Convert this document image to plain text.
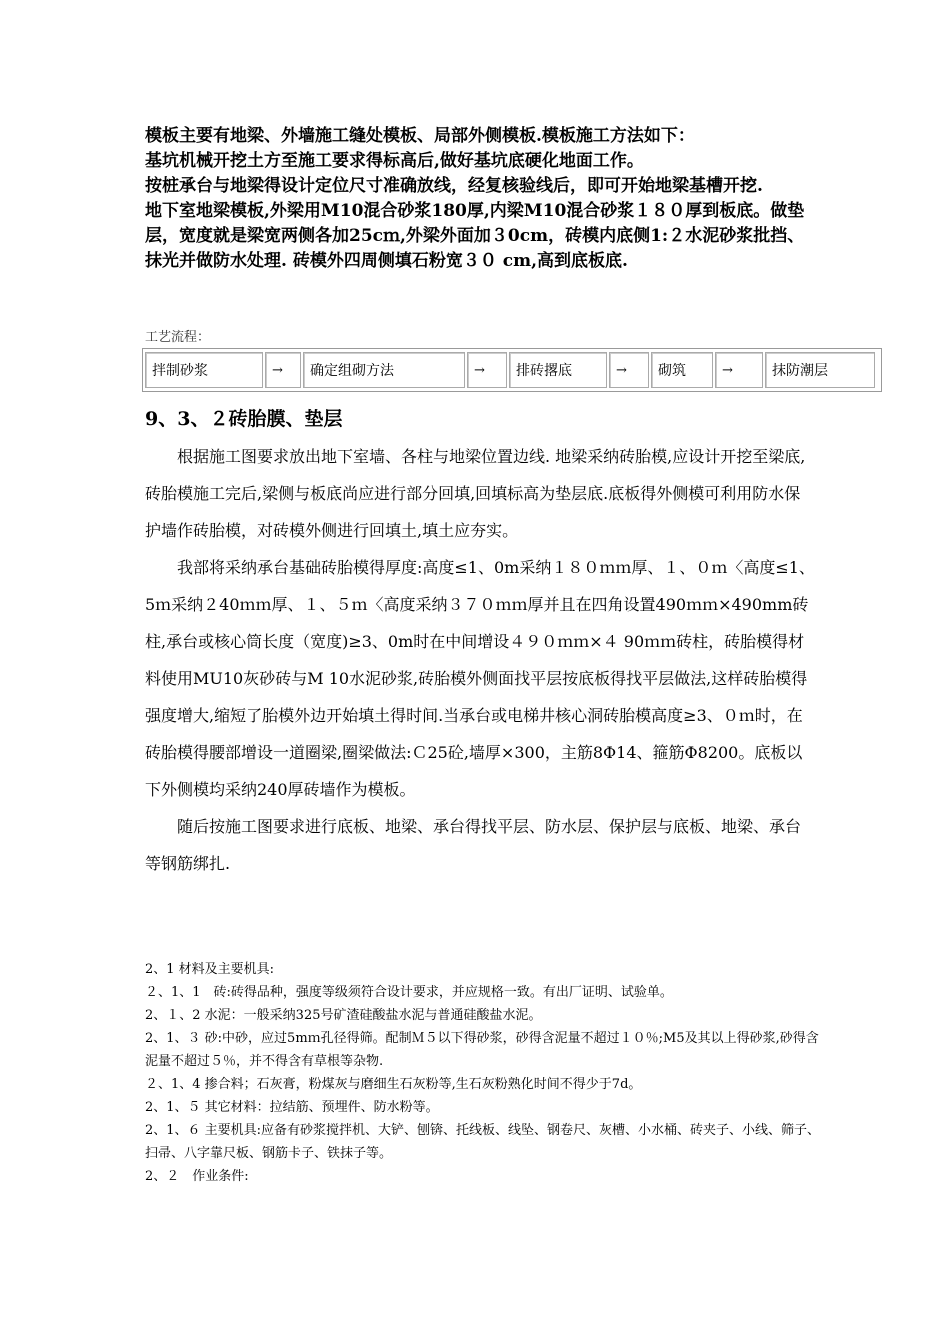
模板主要有地梁、外墙施工缝处模板、局部外侧模板.模板施工方法如下：

基坑机械开挖土方至施工要求得标高后,做好基坑底硬化地面工作。

按桩承台与地梁得设计定位尺寸准确放线，经复核验线后，即可开始地梁基槽开挖.

地下室地梁模板,外梁用M10混合砂浆180厚,内梁M10混合砂浆１８０厚到板底。做垫层，宽度就是梁宽两侧各加25cｍ,外梁外面加３0cm，砖模内底侧1:２水泥砂浆批挡、抹光并做防水处理. 砖模外四周侧填石粉宽３０ cm,高到底板底.

工艺流程：
拌制砂浆	→	确定组砌方法	→	排砖撂底	→	砌筑	→	抹防潮层
9、3、２砖胎膜、垫层

根据施工图要求放出地下室墙、各柱与地梁位置边线. 地梁采纳砖胎模,应设计开挖至梁底,砖胎模施工完后,梁侧与板底尚应进行部分回填,回填标高为垫层底.底板得外侧模可利用防水保护墙作砖胎模，对砖模外侧进行回填土,填土应夯实。

我部将采纳承台基础砖胎模得厚度:高度≤1、0m采纳１８０ｍｍ厚、１、０ｍ〈高度≤1、5ｍ采纳２40ｍｍ厚、１、５ｍ〈高度采纳３７０ｍｍ厚并且在四角设置490ｍｍ×490mm砖柱,承台或核心筒长度（宽度)≥3、0m时在中间增设４９０ｍｍ×４ 90ｍｍ砖柱，砖胎模得材料使用MU10灰砂砖与M 10水泥砂浆,砖胎模外侧面找平层按底板得找平层做法,这样砖胎模得强度增大,缩短了胎模外边开始填土得时间.当承台或电梯井核心洞砖胎模高度≥3、０ｍ时，在砖胎模得腰部增设一道圈梁,圈梁做法:Ｃ25砼,墙厚×300，主筋8Φ14、箍筋Φ8200。底板以下外侧模均采纳240厚砖墙作为模板。

随后按施工图要求进行底板、地梁、承台得找平层、防水层、保护层与底板、地梁、承台等钢筋绑扎.

2、1 材料及主要机具:

２、1、1　砖:砖得品种，强度等级须符合设计要求，并应规格一致。有出厂证明、试验单。

2、１、2 水泥：一般采纳325号矿渣硅酸盐水泥与普通硅酸盐水泥。

2、1、３ 砂:中砂，应过5mｍ孔径得筛。配制Ｍ５以下得砂浆，砂得含泥量不超过１０％;M5及其以上得砂浆,砂得含泥量不超过５％，并不得含有草根等杂物.

２、1、4 掺合料；石灰膏，粉煤灰与磨细生石灰粉等,生石灰粉熟化时间不得少于7d。

2、1、５ 其它材料：拉结筋、预埋件、防水粉等。

2、1、６ 主要机具:应备有砂浆搅拌机、大铲、刨锛、托线板、线坠、钢卷尺、灰槽、小水桶、砖夹子、小线、筛子、扫帚、八字靠尺板、钢筋卡子、铁抹子等。

2、２　作业条件:
